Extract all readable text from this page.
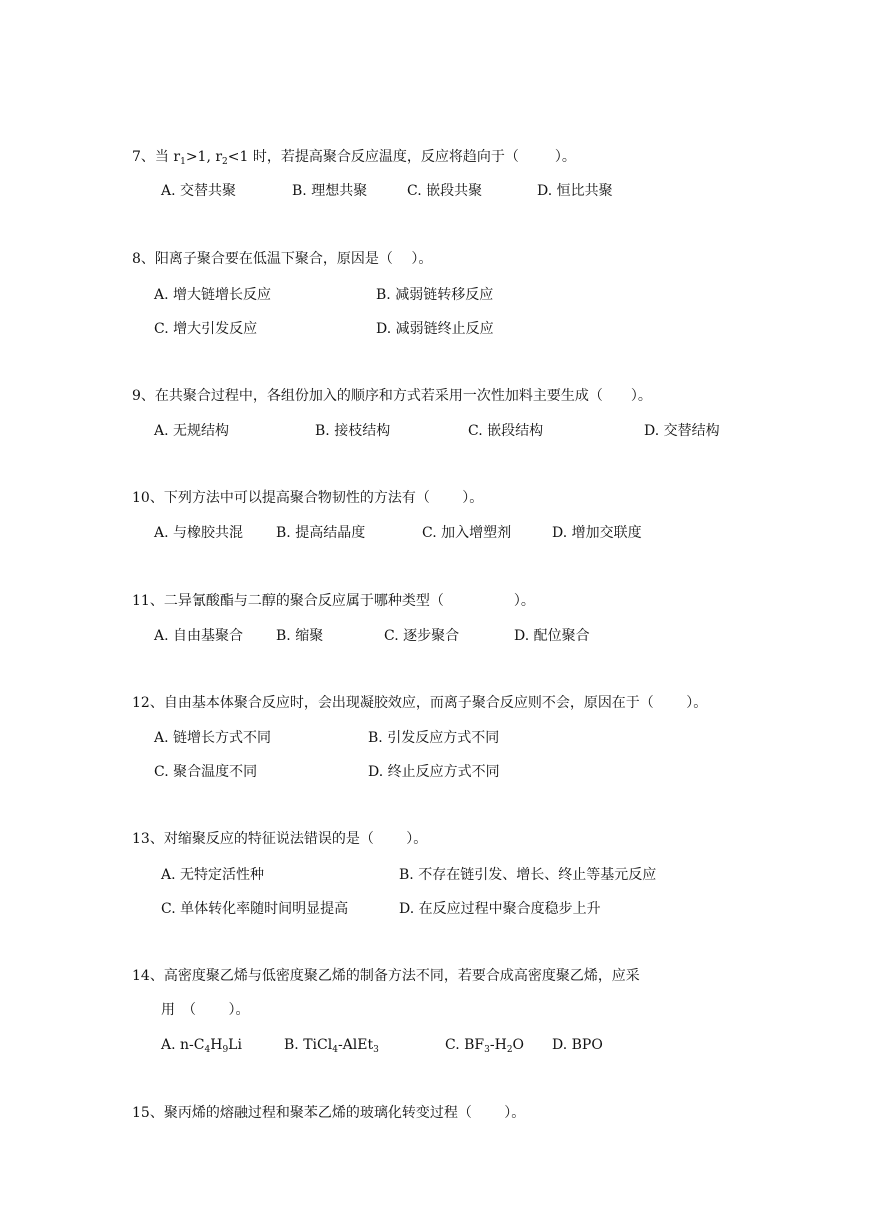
7、当 $r_1>1$, $r_2<1$ 时，若提高聚合反应温度，反应将趋向于（	）。
A. 交替共聚	B. 理想共聚	C. 嵌段共聚	D. 恒比共聚
8、阳离子聚合要在低温下聚合，原因是（　 ）。
A. 增大链增长反应	B. 减弱链转移反应
C. 增大引发反应	D. 减弱链终止反应
9、在共聚合过程中，各组份加入的顺序和方式若采用一次性加料主要生成（　　）。
A. 无规结构	B. 接枝结构	C. 嵌段结构	D. 交替结构
10、下列方法中可以提高聚合物韧性的方法有（　　 ）。
A. 与橡胶共混 B. 提高结晶度	C. 加入增塑剂	D. 增加交联度
11、二异氰酸酯与二醇的聚合反应属于哪种类型（　　　　　）。
A. 自由基聚合 B. 缩聚	C. 逐步聚合	D. 配位聚合
12、自由基本体聚合反应时，会出现凝胶效应，而离子聚合反应则不会，原因在于（　　 ）。
A. 链增长方式不同	B. 引发反应方式不同
C. 聚合温度不同	D. 终止反应方式不同
13、对缩聚反应的特征说法错误的是（　　 ）。
A. 无特定活性种	B. 不存在链引发、增长、终止等基元反应
C. 单体转化率随时间明显提高	D. 在反应过程中聚合度稳步上升
14、高密度聚乙烯与低密度聚乙烯的制备方法不同，若要合成高密度聚乙烯，应采
用　（　　 ）。
A. $n-C_4H_9Li$	B. TiCl$_4$-AlEt$_3$	C. $BF_3-H_2O$ D. BPO
15、聚丙烯的熔融过程和聚苯乙烯的玻璃化转变过程（　　 ）。
